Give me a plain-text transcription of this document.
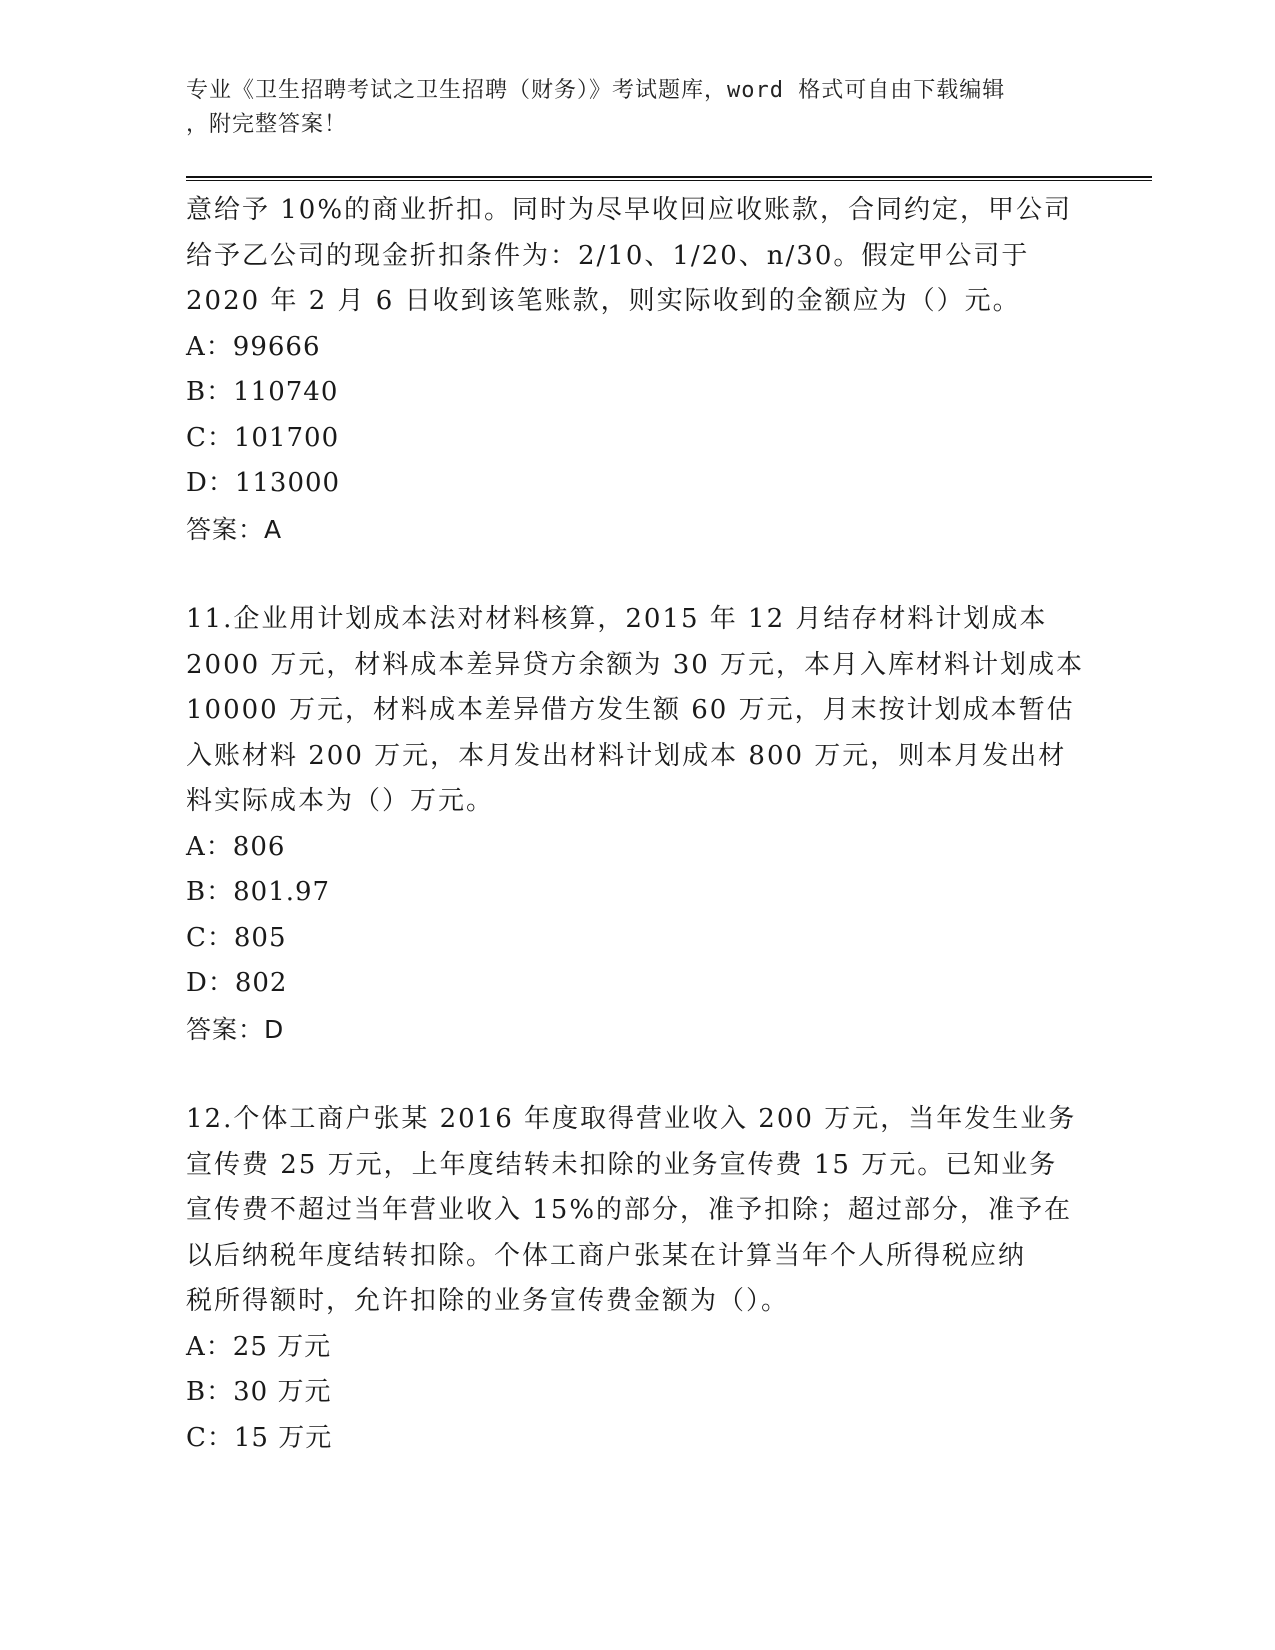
专业《卫生招聘考试之卫生招聘（财务）》考试题库，word 格式可自由下载编辑
，附完整答案！

意给予 10%的商业折扣。同时为尽早收回应收账款，合同约定，甲公司

给予乙公司的现金折扣条件为：2/10、1/20、n/30。假定甲公司于

2020 年 2 月 6 日收到该笔账款，则实际收到的金额应为（）元。

A：99666

B：110740

C：101700

D：113000

答案：A

11.企业用计划成本法对材料核算，2015 年 12 月结存材料计划成本

2000 万元，材料成本差异贷方余额为 30 万元，本月入库材料计划成本

10000 万元，材料成本差异借方发生额 60 万元，月末按计划成本暂估

入账材料 200 万元，本月发出材料计划成本 800 万元，则本月发出材

料实际成本为（）万元。

A：806

B：801.97

C：805

D：802

答案：D

12.个体工商户张某 2016 年度取得营业收入 200 万元，当年发生业务

宣传费 25 万元，上年度结转未扣除的业务宣传费 15 万元。已知业务

宣传费不超过当年营业收入 15%的部分，准予扣除；超过部分，准予在

以后纳税年度结转扣除。个体工商户张某在计算当年个人所得税应纳

税所得额时，允许扣除的业务宣传费金额为（）。

A：25 万元

B：30 万元

C：15 万元
